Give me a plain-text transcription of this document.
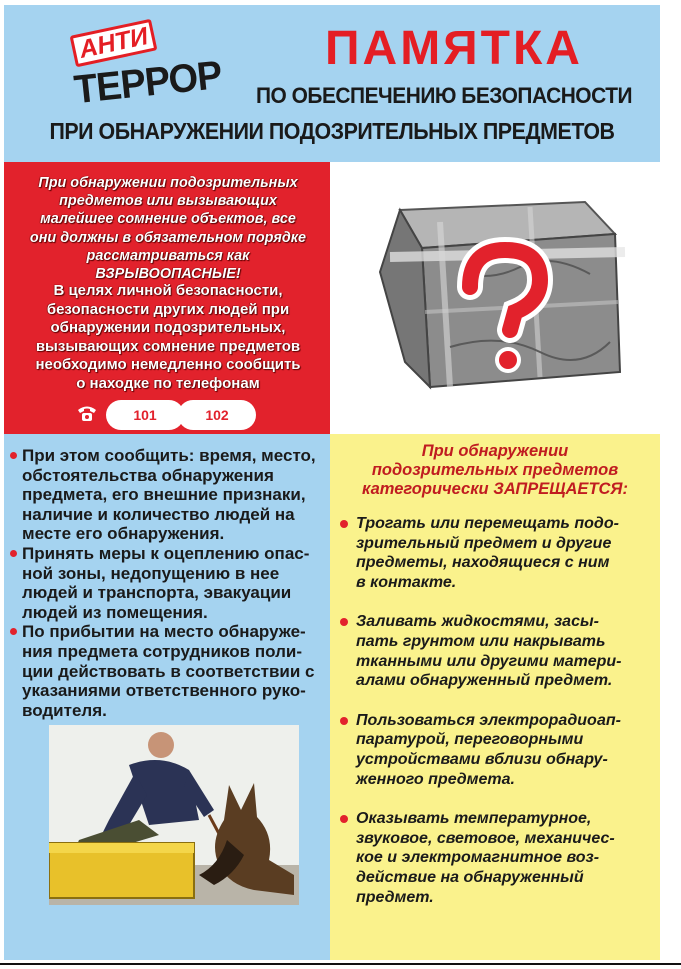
АНТИ
ТЕРРОР
ПАМЯТКА
ПО ОБЕСПЕЧЕНИЮ БЕЗОПАСНОСТИ
ПРИ ОБНАРУЖЕНИИ ПОДОЗРИТЕЛЬНЫХ ПРЕДМЕТОВ
При обнаружении подозрительных
предметов или вызывающих
малейшее сомнение объектов, все
они должны в обязательном порядке
рассматриваться как
ВЗРЫВООПАСНЫЕ!
В целях личной безопасности,
безопасности других людей при
обнаружении подозрительных,
вызывающих сомнение предметов
необходимо немедленно сообщить
о находке по телефонам
101	102
При этом сообщить: время, место,
обстоятельства обнаружения
предмета, его внешние признаки,
наличие и количество людей на
месте его обнаружения.
Принять меры к оцеплению опас-
ной зоны, недопущению в нее
людей и транспорта, эвакуации
людей из помещения.
По прибытии на место обнаруже-
ния предмета сотрудников поли-
ции действовать в соответствии с
указаниями ответственного руко-
водителя.
При обнаружении
подозрительных предметов
категорически ЗАПРЕЩАЕТСЯ:
Трогать или перемещать подо-
зрительный предмет и другие
предметы, находящиеся с ним
в контакте.
Заливать жидкостями, засы-
пать грунтом или накрывать
тканными или другими матери-
алами обнаруженный предмет.
Пользоваться электрорадиоап-
паратурой, переговорными
устройствами вблизи обнару-
женного предмета.
Оказывать температурное,
звуковое, световое, механичес-
кое и электромагнитное воз-
действие на обнаруженный
предмет.
